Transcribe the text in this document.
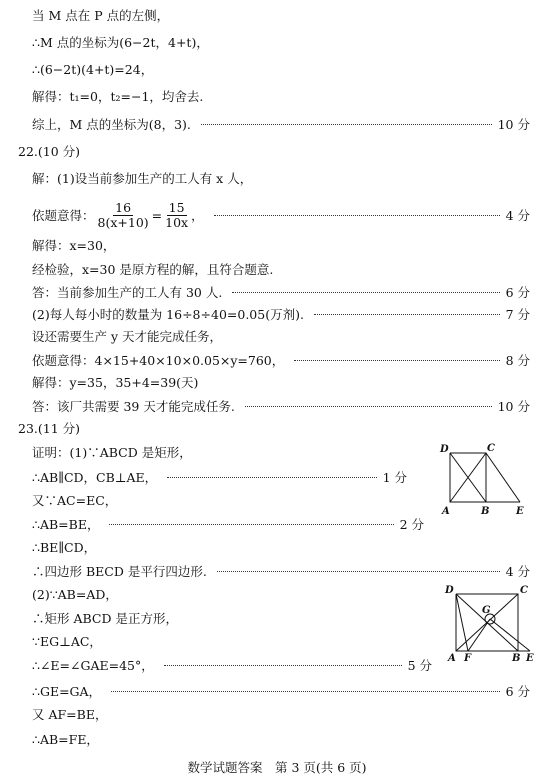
当 M 点在 P 点的左侧，
∴M 点的坐标为(6−2t，4+t)，
∴(6−2t)(4+t)=24，
解得：t₁=0，t₂=−1，均舍去.
综上，M 点的坐标为(8，3).	10 分
22.(10 分)
解：(1)设当前参加生产的工人有 x 人，
依题意得： $\frac{16}{8(x+10)} = \frac{15}{10x}$ ，	4 分
解得：x=30，
经检验，x=30 是原方程的解，且符合题意.
答：当前参加生产的工人有 30 人.	6 分
(2)每人每小时的数量为 16÷8÷40=0.05(万剂).	7 分
设还需要生产 y 天才能完成任务，
依题意得：4×15+40×10×0.05×y=760，	8 分
解得：y=35，35+4=39(天)
答：该厂共需要 39 天才能完成任务.	10 分
23.(11 分)
证明：(1)∵ABCD 是矩形，
∴AB∥CD，CB⊥AE，	1 分
又∵AC=EC，
∴AB=BE，	2 分
∴BE∥CD，
∴四边形 BECD 是平行四边形.	4 分
(2)∵AB=AD，
∴矩形 ABCD 是正方形，
∵EG⊥AC，
∴∠E=∠GAE=45°，	5 分
∴GE=GA，	6 分
又 AF=BE，
∴AB=FE，
D	C
A	B	E
D	C
G
A F	B E
数学试题答案　第 3 页(共 6 页)
